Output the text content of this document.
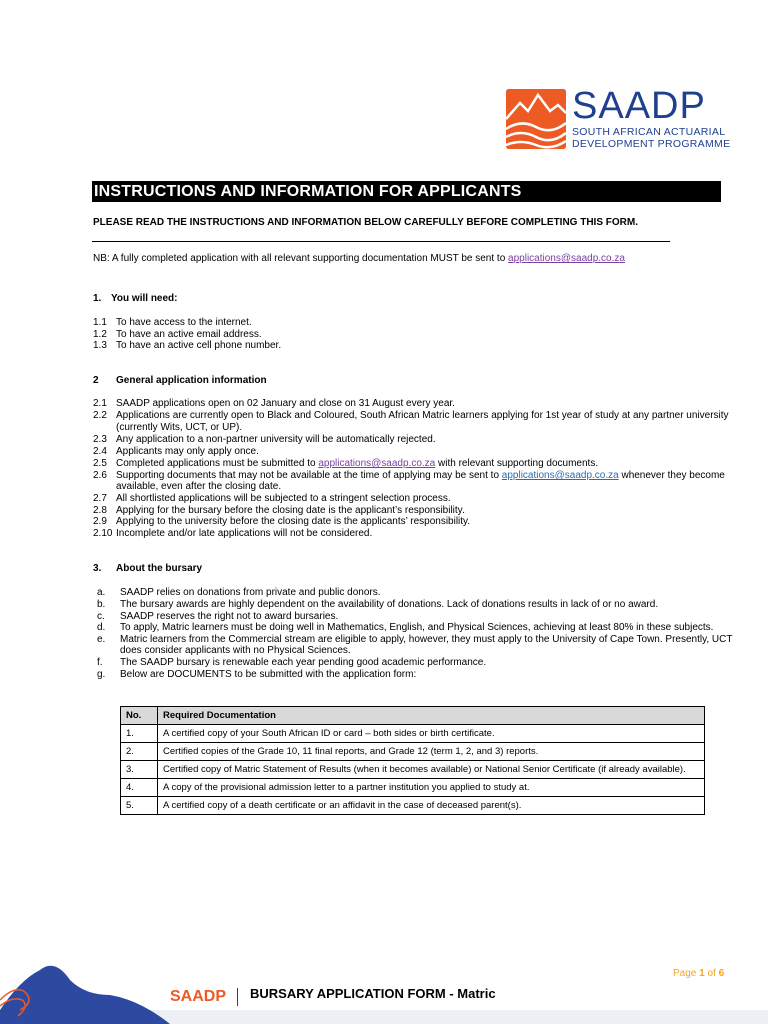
SAADP
SOUTH AFRICAN ACTUARIAL
DEVELOPMENT PROGRAMME
INSTRUCTIONS AND INFORMATION FOR APPLICANTS
PLEASE READ THE INSTRUCTIONS AND INFORMATION BELOW CAREFULLY BEFORE COMPLETING THIS FORM.
NB: A fully completed application with all relevant supporting documentation MUST be sent to applications@saadp.co.za
1. You will need:
1.1 To have access to the internet.
1.2 To have an active email address.
1.3 To have an active cell phone number.
2 General application information
2.1 SAADP applications open on 02 January and close on 31 August every year.
2.2 Applications are currently open to Black and Coloured, South African Matric learners applying for 1st year of study at any partner university
(currently Wits, UCT, or UP).
2.3 Any application to a non-partner university will be automatically rejected.
2.4 Applicants may only apply once.
2.5 Completed applications must be submitted to applications@saadp.co.za with relevant supporting documents.
2.6 Supporting documents that may not be available at the time of applying may be sent to applications@saadp.co.za whenever they become
available, even after the closing date.
2.7 All shortlisted applications will be subjected to a stringent selection process.
2.8 Applying for the bursary before the closing date is the applicant’s responsibility.
2.9 Applying to the university before the closing date is the applicants’ responsibility.
2.10 Incomplete and/or late applications will not be considered.
3. About the bursary
a. SAADP relies on donations from private and public donors.
b. The bursary awards are highly dependent on the availability of donations. Lack of donations results in lack of or no award.
c. SAADP reserves the right not to award bursaries.
d. To apply, Matric learners must be doing well in Mathematics, English, and Physical Sciences, achieving at least 80% in these subjects.
e. Matric learners from the Commercial stream are eligible to apply, however, they must apply to the University of Cape Town. Presently, UCT
does consider applicants with no Physical Sciences.
f. The SAADP bursary is renewable each year pending good academic performance.
g. Below are DOCUMENTS to be submitted with the application form:
No.	Required Documentation
1.	A certified copy of your South African ID or card – both sides or birth certificate.
2.	Certified copies of the Grade 10, 11 final reports, and Grade 12 (term 1, 2, and 3) reports.
3.	Certified copy of Matric Statement of Results (when it becomes available) or National Senior Certificate (if already available).
4.	A copy of the provisional admission letter to a partner institution you applied to study at.
5.	A certified copy of a death certificate or an affidavit in the case of deceased parent(s).
Page 1 of 6
SAADP BURSARY APPLICATION FORM - Matric
